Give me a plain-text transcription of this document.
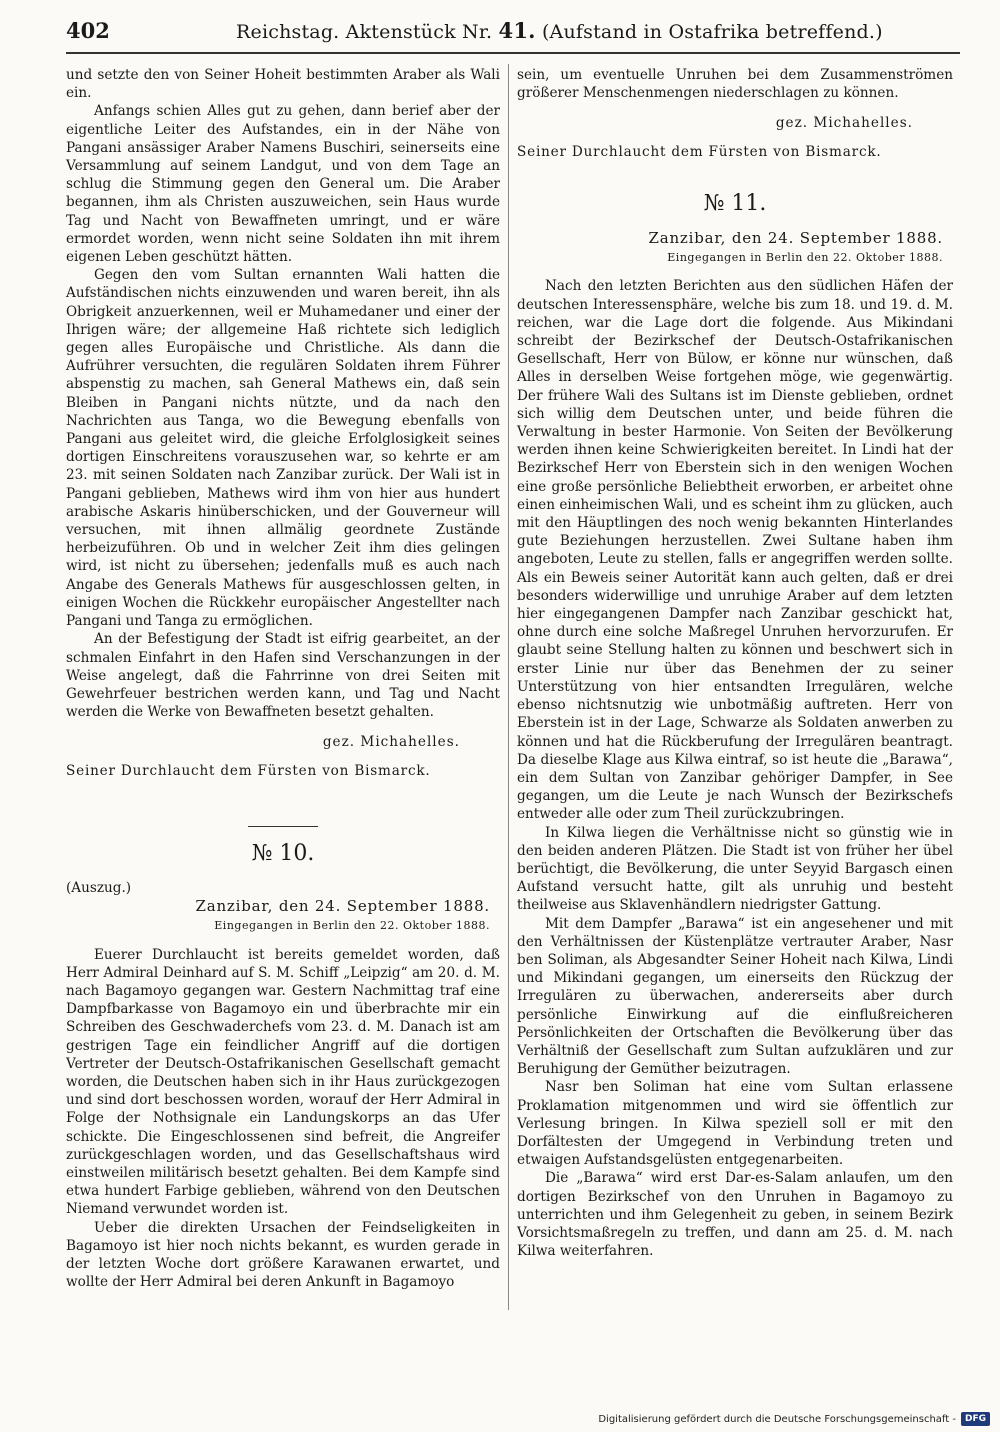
402	Reichstag. Aktenstück Nr. 41. (Aufstand in Ostafrika betreffend.)

und setzte den von Seiner Hoheit bestimmten Araber als Wali ein.

Anfangs schien Alles gut zu gehen, dann berief aber der eigentliche Leiter des Aufstandes, ein in der Nähe von Pangani ansässiger Araber Namens Buschiri, seinerseits eine Versammlung auf seinem Landgut, und von dem Tage an schlug die Stimmung gegen den General um. Die Araber begannen, ihm als Christen auszuweichen, sein Haus wurde Tag und Nacht von Bewaffneten umringt, und er wäre ermordet worden, wenn nicht seine Soldaten ihn mit ihrem eigenen Leben geschützt hätten.

Gegen den vom Sultan ernannten Wali hatten die Aufständischen nichts einzuwenden und waren bereit, ihn als Obrigkeit anzuerkennen, weil er Muhamedaner und einer der Ihrigen wäre; der allgemeine Haß richtete sich lediglich gegen alles Europäische und Christliche. Als dann die Aufrührer versuchten, die regulären Soldaten ihrem Führer abspenstig zu machen, sah General Mathews ein, daß sein Bleiben in Pangani nichts nützte, und da nach den Nachrichten aus Tanga, wo die Bewegung ebenfalls von Pangani aus geleitet wird, die gleiche Erfolglosigkeit seines dortigen Einschreitens vorauszusehen war, so kehrte er am 23. mit seinen Soldaten nach Zanzibar zurück. Der Wali ist in Pangani geblieben, Mathews wird ihm von hier aus hundert arabische Askaris hinüberschicken, und der Gouverneur will versuchen, mit ihnen allmälig geordnete Zustände herbeizuführen. Ob und in welcher Zeit ihm dies gelingen wird, ist nicht zu übersehen; jedenfalls muß es auch nach Angabe des Generals Mathews für ausgeschlossen gelten, in einigen Wochen die Rückkehr europäischer Angestellter nach Pangani und Tanga zu ermöglichen.

An der Befestigung der Stadt ist eifrig gearbeitet, an der schmalen Einfahrt in den Hafen sind Verschanzungen in der Weise angelegt, daß die Fahrrinne von drei Seiten mit Gewehrfeuer bestrichen werden kann, und Tag und Nacht werden die Werke von Bewaffneten besetzt gehalten.

gez. Michahelles.

Seiner Durchlaucht dem Fürsten von Bismarck.

№ 10.

(Auszug.)

Zanzibar, den 24. September 1888.
Eingegangen in Berlin den 22. Oktober 1888.

Euerer Durchlaucht ist bereits gemeldet worden, daß Herr Admiral Deinhard auf S. M. Schiff „Leipzig“ am 20. d. M. nach Bagamoyo gegangen war. Gestern Nachmittag traf eine Dampfbarkasse von Bagamoyo ein und überbrachte mir ein Schreiben des Geschwaderchefs vom 23. d. M. Danach ist am gestrigen Tage ein feindlicher Angriff auf die dortigen Vertreter der Deutsch-Ostafrikanischen Gesellschaft gemacht worden, die Deutschen haben sich in ihr Haus zurückgezogen und sind dort beschossen worden, worauf der Herr Admiral in Folge der Nothsignale ein Landungskorps an das Ufer schickte. Die Eingeschlossenen sind befreit, die Angreifer zurückgeschlagen worden, und das Gesellschaftshaus wird einstweilen militärisch besetzt gehalten. Bei dem Kampfe sind etwa hundert Farbige geblieben, während von den Deutschen Niemand verwundet worden ist.

Ueber die direkten Ursachen der Feindseligkeiten in Bagamoyo ist hier noch nichts bekannt, es wurden gerade in der letzten Woche dort größere Karawanen erwartet, und wollte der Herr Admiral bei deren Ankunft in Bagamoyo

sein, um eventuelle Unruhen bei dem Zusammenströmen größerer Menschenmengen niederschlagen zu können.

gez. Michahelles.

Seiner Durchlaucht dem Fürsten von Bismarck.

№ 11.
Zanzibar, den 24. September 1888.
Eingegangen in Berlin den 22. Oktober 1888.

Nach den letzten Berichten aus den südlichen Häfen der deutschen Interessensphäre, welche bis zum 18. und 19. d. M. reichen, war die Lage dort die folgende. Aus Mikindani schreibt der Bezirkschef der Deutsch-Ostafrikanischen Gesellschaft, Herr von Bülow, er könne nur wünschen, daß Alles in derselben Weise fortgehen möge, wie gegenwärtig. Der frühere Wali des Sultans ist im Dienste geblieben, ordnet sich willig dem Deutschen unter, und beide führen die Verwaltung in bester Harmonie. Von Seiten der Bevölkerung werden ihnen keine Schwierigkeiten bereitet. In Lindi hat der Bezirkschef Herr von Eberstein sich in den wenigen Wochen eine große persönliche Beliebtheit erworben, er arbeitet ohne einen einheimischen Wali, und es scheint ihm zu glücken, auch mit den Häuptlingen des noch wenig bekannten Hinterlandes gute Beziehungen herzustellen. Zwei Sultane haben ihm angeboten, Leute zu stellen, falls er angegriffen werden sollte. Als ein Beweis seiner Autorität kann auch gelten, daß er drei besonders widerwillige und unruhige Araber auf dem letzten hier eingegangenen Dampfer nach Zanzibar geschickt hat, ohne durch eine solche Maßregel Unruhen hervorzurufen. Er glaubt seine Stellung halten zu können und beschwert sich in erster Linie nur über das Benehmen der zu seiner Unterstützung von hier entsandten Irregulären, welche ebenso nichtsnutzig wie unbotmäßig auftreten. Herr von Eberstein ist in der Lage, Schwarze als Soldaten anwerben zu können und hat die Rückberufung der Irregulären beantragt. Da dieselbe Klage aus Kilwa eintraf, so ist heute die „Barawa“, ein dem Sultan von Zanzibar gehöriger Dampfer, in See gegangen, um die Leute je nach Wunsch der Bezirkschefs entweder alle oder zum Theil zurückzubringen.

In Kilwa liegen die Verhältnisse nicht so günstig wie in den beiden anderen Plätzen. Die Stadt ist von früher her übel berüchtigt, die Bevölkerung, die unter Seyyid Bargasch einen Aufstand versucht hatte, gilt als unruhig und besteht theilweise aus Sklavenhändlern niedrigster Gattung.

Mit dem Dampfer „Barawa“ ist ein angesehener und mit den Verhältnissen der Küstenplätze vertrauter Araber, Nasr ben Soliman, als Abgesandter Seiner Hoheit nach Kilwa, Lindi und Mikindani gegangen, um einerseits den Rückzug der Irregulären zu überwachen, andererseits aber durch persönliche Einwirkung auf die einflußreicheren Persönlichkeiten der Ortschaften die Bevölkerung über das Verhältniß der Gesellschaft zum Sultan aufzuklären und zur Beruhigung der Gemüther beizutragen.

Nasr ben Soliman hat eine vom Sultan erlassene Proklamation mitgenommen und wird sie öffentlich zur Verlesung bringen. In Kilwa speziell soll er mit den Dorfältesten der Umgegend in Verbindung treten und etwaigen Aufstandsgelüsten entgegenarbeiten.

Die „Barawa“ wird erst Dar-es-Salam anlaufen, um den dortigen Bezirkschef von den Unruhen in Bagamoyo zu unterrichten und ihm Gelegenheit zu geben, in seinem Bezirk Vorsichtsmaßregeln zu treffen, und dann am 25. d. M. nach Kilwa weiterfahren.

Digitalisierung gefördert durch die Deutsche Forschungsgemeinschaft -	DFG
